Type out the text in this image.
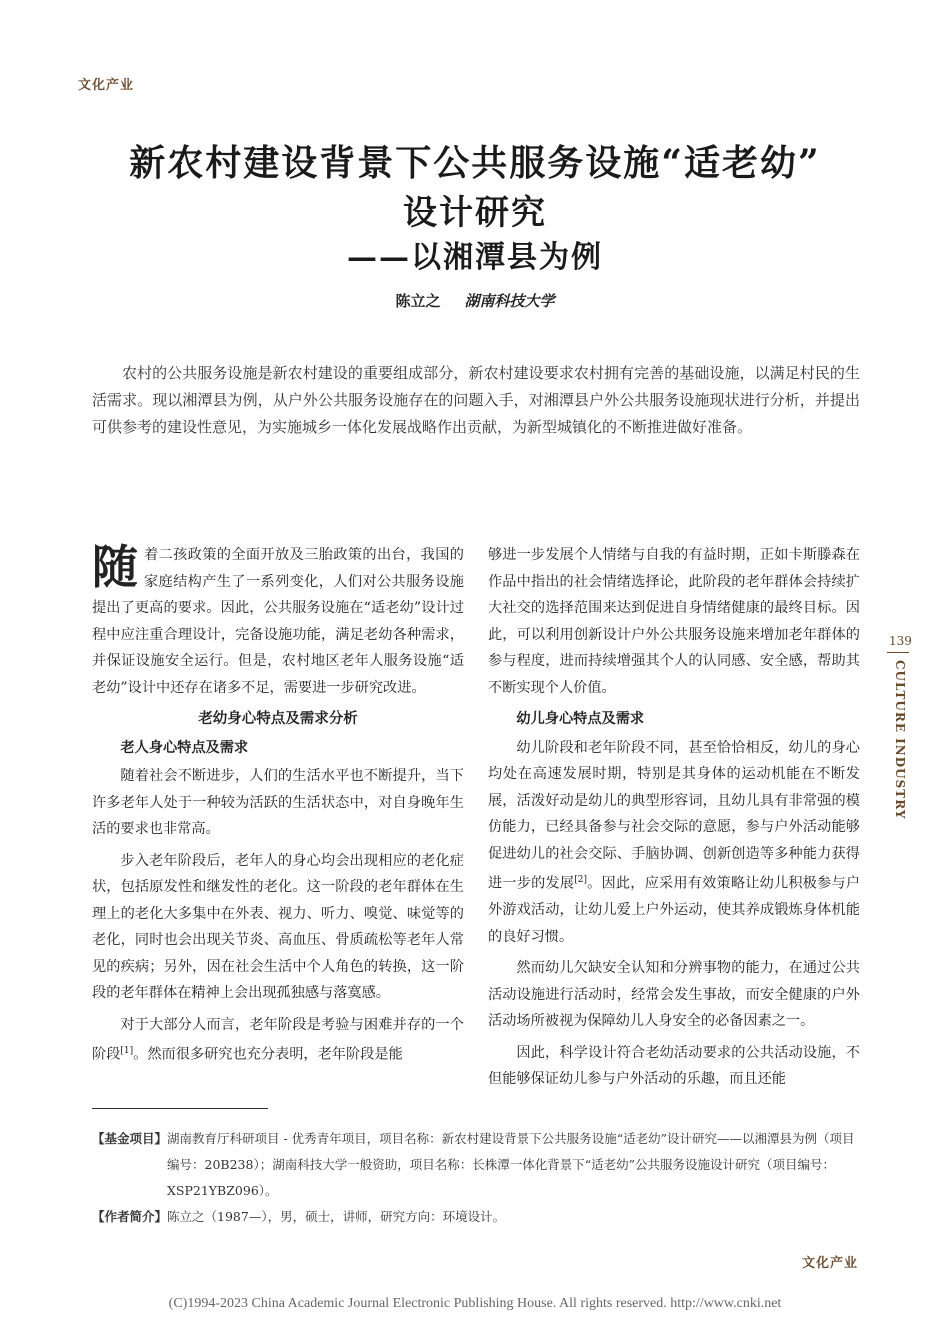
文化产业
新农村建设背景下公共服务设施“适老幼”
设计研究
——以湘潭县为例
陈立之 湖南科技大学
农村的公共服务设施是新农村建设的重要组成部分，新农村建设要求农村拥有完善的基础设施，以满足村民的生活需求。现以湘潭县为例，从户外公共服务设施存在的问题入手，对湘潭县户外公共服务设施现状进行分析，并提出可供参考的建设性意见，为实施城乡一体化发展战略作出贡献，为新型城镇化的不断推进做好准备。

随着二孩政策的全面开放及三胎政策的出台，我国的家庭结构产生了一系列变化，人们对公共服务设施提出了更高的要求。因此，公共服务设施在“适老幼”设计过程中应注重合理设计，完备设施功能，满足老幼各种需求，并保证设施安全运行。但是，农村地区老年人服务设施“适老幼”设计中还存在诸多不足，需要进一步研究改进。

老幼身心特点及需求分析
老人身心特点及需求

随着社会不断进步，人们的生活水平也不断提升，当下许多老年人处于一种较为活跃的生活状态中，对自身晚年生活的要求也非常高。

步入老年阶段后，老年人的身心均会出现相应的老化症状，包括原发性和继发性的老化。这一阶段的老年群体在生理上的老化大多集中在外表、视力、听力、嗅觉、味觉等的老化，同时也会出现关节炎、高血压、骨质疏松等老年人常见的疾病；另外，因在社会生活中个人角色的转换，这一阶段的老年群体在精神上会出现孤独感与落寞感。

对于大部分人而言，老年阶段是考验与困难并存的一个阶段[1]。然而很多研究也充分表明，老年阶段是能

够进一步发展个人情绪与自我的有益时期，正如卡斯滕森在作品中指出的社会情绪选择论，此阶段的老年群体会持续扩大社交的选择范围来达到促进自身情绪健康的最终目标。因此，可以利用创新设计户外公共服务设施来增加老年群体的参与程度，进而持续增强其个人的认同感、安全感，帮助其不断实现个人价值。

幼儿身心特点及需求

幼儿阶段和老年阶段不同，甚至恰恰相反，幼儿的身心均处在高速发展时期，特别是其身体的运动机能在不断发展，活泼好动是幼儿的典型形容词，且幼儿具有非常强的模仿能力，已经具备参与社会交际的意愿，参与户外活动能够促进幼儿的社会交际、手脑协调、创新创造等多种能力获得进一步的发展[2]。因此，应采用有效策略让幼儿积极参与户外游戏活动，让幼儿爱上户外运动，使其养成锻炼身体机能的良好习惯。

然而幼儿欠缺安全认知和分辨事物的能力，在通过公共活动设施进行活动时，经常会发生事故，而安全健康的户外活动场所被视为保障幼儿人身安全的必备因素之一。

因此，科学设计符合老幼活动要求的公共活动设施，不但能够保证幼儿参与户外活动的乐趣，而且还能

139
CULTURE INDUSTRY
【基金项目】 湖南教育厅科研项目 - 优秀青年项目，项目名称：新农村建设背景下公共服务设施“适老幼”设计研究——以湘潭县为例（项目编号：20B238）；湖南科技大学一般资助，项目名称：长株潭一体化背景下“适老幼”公共服务设施设计研究（项目编号：XSP21YBZ096）。
【作者简介】 陈立之（1987—），男，硕士，讲师，研究方向：环境设计。
文化产业
(C)1994-2023 China Academic Journal Electronic Publishing House. All rights reserved. http://www.cnki.net
